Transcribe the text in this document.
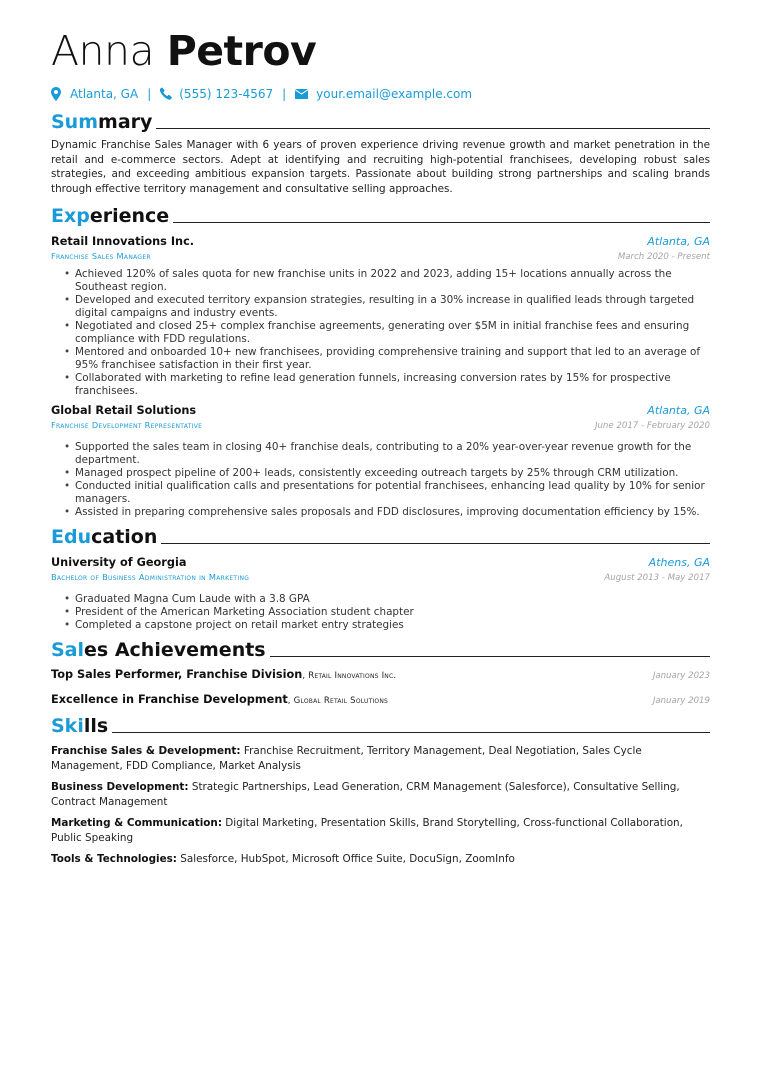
Anna Petrov
Atlanta, GA | (555) 123-4567 |	your.email@example.com
Summary
Dynamic Franchise Sales Manager with 6 years of proven experience driving revenue growth and market penetration in the retail and e-commerce sectors. Adept at identifying and recruiting high-potential franchisees, developing robust sales strategies, and exceeding ambitious expansion targets. Passionate about building strong partnerships and scaling brands through effective territory management and consultative selling approaches.
Experience
Retail Innovations Inc.	Atlanta, GA
Franchise Sales Manager	March 2020 - Present
• Achieved 120% of sales quota for new franchise units in 2022 and 2023, adding 15+ locations annually across the Southeast region.
• Developed and executed territory expansion strategies, resulting in a 30% increase in qualified leads through targeted digital campaigns and industry events.
• Negotiated and closed 25+ complex franchise agreements, generating over $5M in initial franchise fees and ensuring compliance with FDD regulations.
• Mentored and onboarded 10+ new franchisees, providing comprehensive training and support that led to an average of 95% franchisee satisfaction in their first year.
• Collaborated with marketing to refine lead generation funnels, increasing conversion rates by 15% for prospective franchisees.
Global Retail Solutions	Atlanta, GA
Franchise Development Representative	June 2017 - February 2020
• Supported the sales team in closing 40+ franchise deals, contributing to a 20% year-over-year revenue growth for the department.
• Managed prospect pipeline of 200+ leads, consistently exceeding outreach targets by 25% through CRM utilization.
• Conducted initial qualification calls and presentations for potential franchisees, enhancing lead quality by 10% for senior managers.
• Assisted in preparing comprehensive sales proposals and FDD disclosures, improving documentation efficiency by 15%.
Education
University of Georgia	Athens, GA
Bachelor of Business Administration in Marketing	August 2013 - May 2017
• Graduated Magna Cum Laude with a 3.8 GPA
• President of the American Marketing Association student chapter
• Completed a capstone project on retail market entry strategies
Sales Achievements
Top Sales Performer, Franchise Division, Retail Innovations Inc.	January 2023
Excellence in Franchise Development, Global Retail Solutions	January 2019
Skills
Franchise Sales & Development: Franchise Recruitment, Territory Management, Deal Negotiation, Sales Cycle Management, FDD Compliance, Market Analysis
Business Development: Strategic Partnerships, Lead Generation, CRM Management (Salesforce), Consultative Selling, Contract Management
Marketing & Communication: Digital Marketing, Presentation Skills, Brand Storytelling, Cross-functional Collaboration, Public Speaking
Tools & Technologies: Salesforce, HubSpot, Microsoft Office Suite, DocuSign, ZoomInfo
